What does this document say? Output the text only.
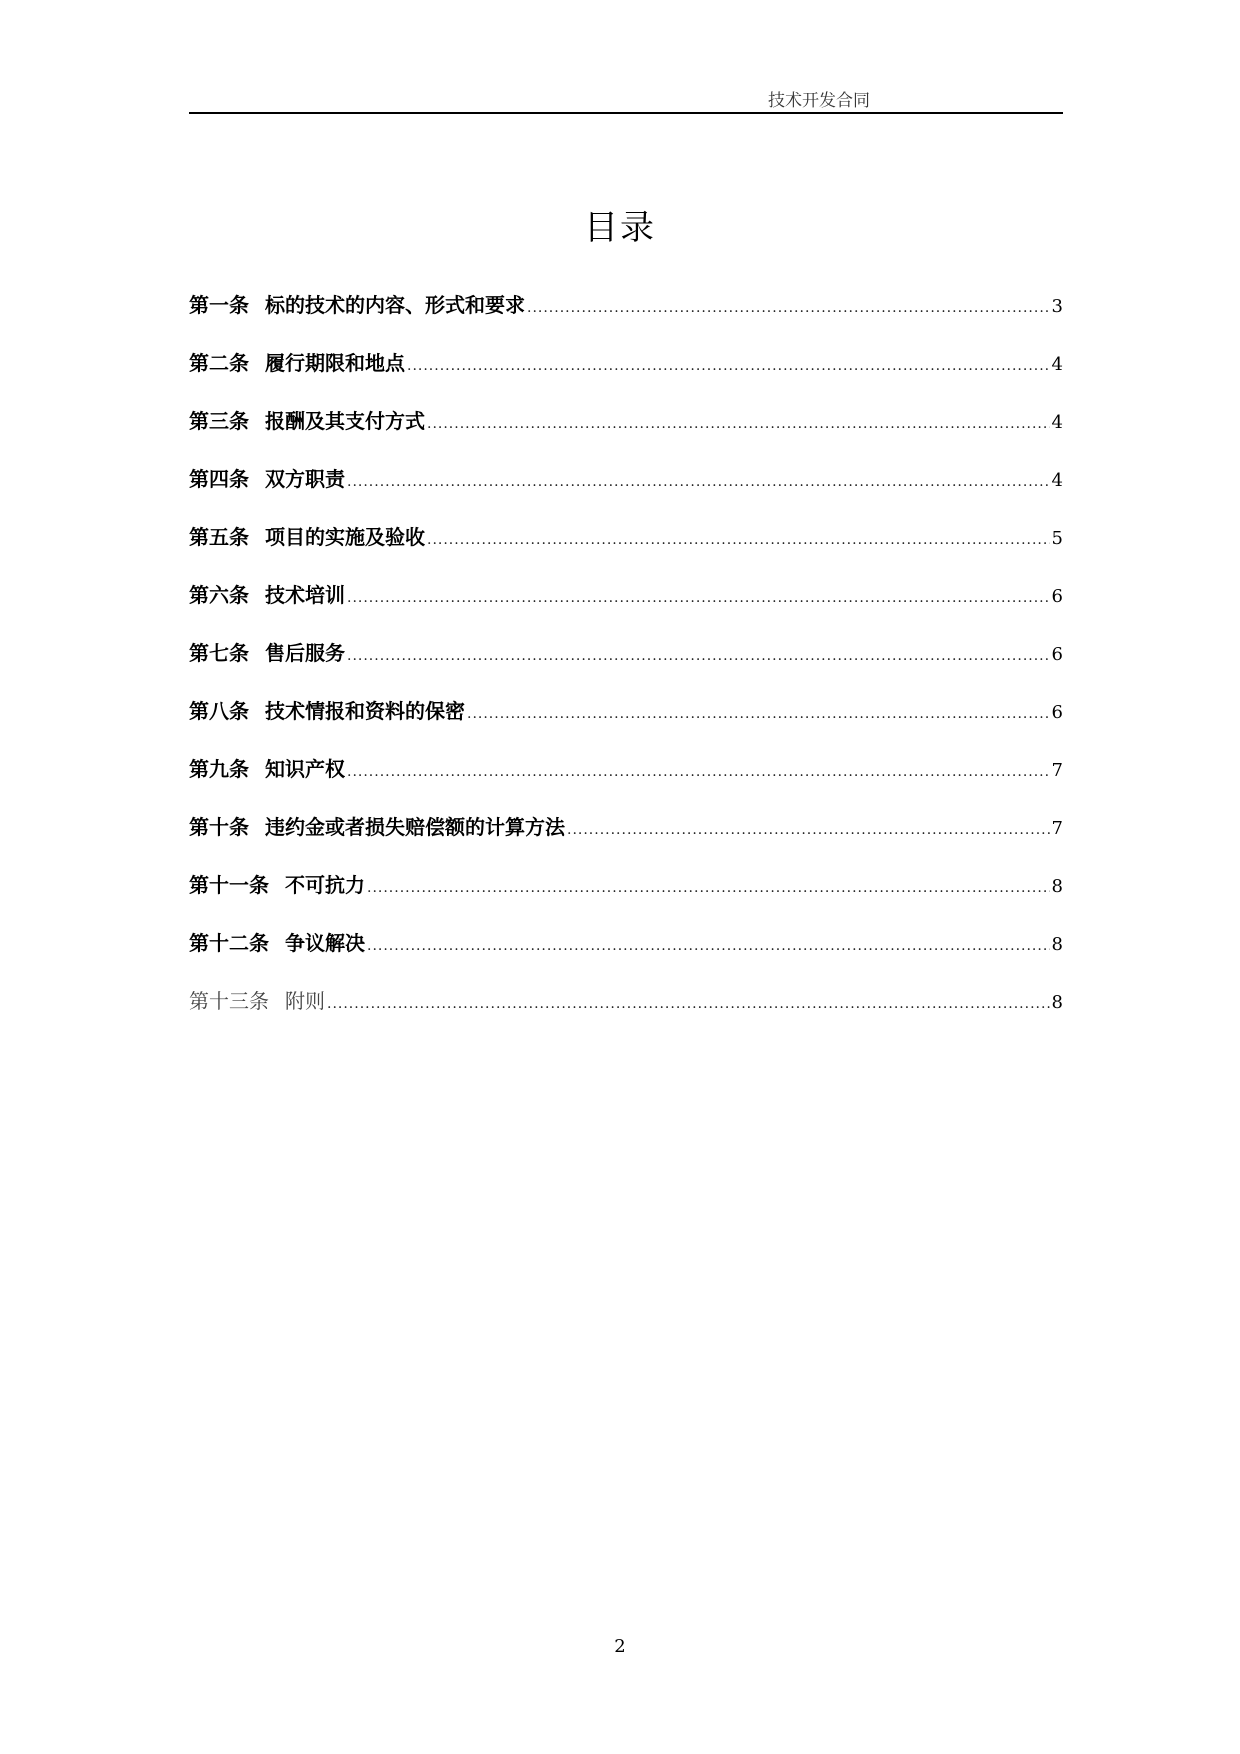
技术开发合同
目录
第一条 标的技术的内容、形式和要求 .....	3
第二条 履行期限和地点 .....	4
第三条 报酬及其支付方式 .....	4
第四条 双方职责 .....	4
第五条 项目的实施及验收 .....	5
第六条 技术培训 .....	6
第七条 售后服务 .....	6
第八条 技术情报和资料的保密 .....	6
第九条 知识产权 .....	7
第十条 违约金或者损失赔偿额的计算方法 .....	7
第十一条 不可抗力 .....	8
第十二条 争议解决 .....	8
第十三条 附则 .....	8
2
